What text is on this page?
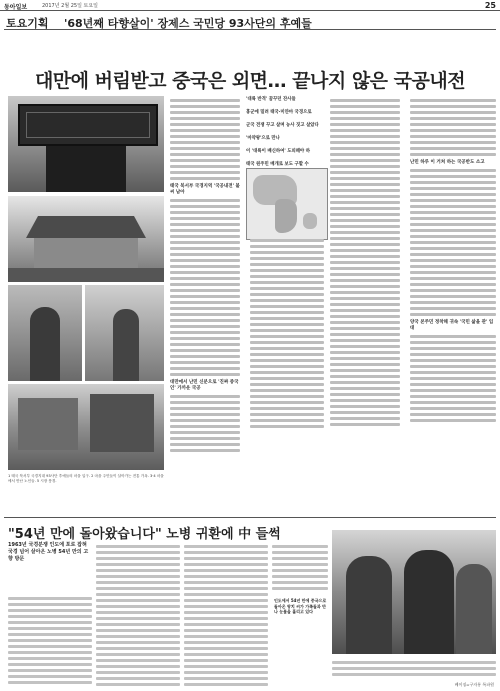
동아일보	2017년 2월 25일 토요일	25
토요기획 '68년째 타향살이' 장제스 국민당 93사단의 후예들
대만에 버림받고 중국은 외면… 끝나지 않은 국공내전
1 태국 북서부 국경지대 93사단 후예들의 마을 입구. 2 마을 주민들이 살아가는 전통 가옥. 3·4 마을에서 만난 노인들. 5 시장 풍경.
태국 북서부 국경지역 '국공내전' 불씨 남아
대만에서 난민 신분으로 '진짜 중국인' 가까운 국공
'대륙 반격' 꿈꾸던 잔사들
홍군에 밀려 태국·미얀마 국경으로
군국 전쟁 꾸고 살며 농사 짓고 살았다
'마약왕'으로 만나
이 '대륙이 배신하여' 도피해야 하
태국 원주민 매개로 보도 구할 수	난민 하루 이 거쳐 하는 국공반도 소고
양국 본주민 정착해 귀속 '국민 삶을 관' 입대
"54년 만에 돌아왔습니다" 노병 귀환에 中 들썩
1963년 국경분쟁 인도에 포로 잡혀 국경 넘어 살아온 노병 54년 만의 고향 방문
인도에서 54년 만에 중국으로 돌아온 왕치 씨가 가족들과 만나 눈물을 흘리고 있다
베이징=구자룡 특파원
